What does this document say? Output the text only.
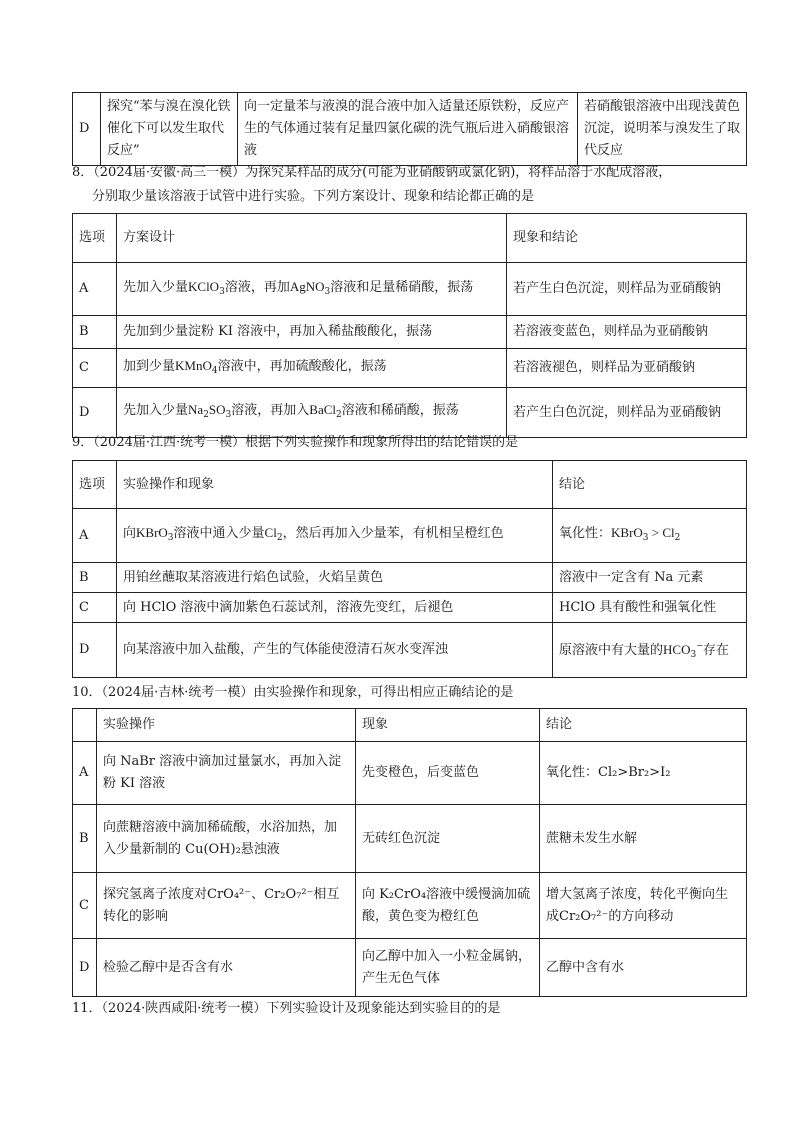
D	探究“苯与溴在溴化铁催化下可以发生取代反应”	向一定量苯与液溴的混合液中加入适量还原铁粉，反应产生的气体通过装有足量四氯化碳的洗气瓶后进入硝酸银溶液	若硝酸银溶液中出现浅黄色沉淀，说明苯与溴发生了取代反应
8．（2024届·安徽·高三一模）为探究某样品的成分(可能为亚硝酸钠或氯化钠)，将样品溶于水配成溶液，
分别取少量该溶液于试管中进行实验。下列方案设计、现象和结论都正确的是
选项	方案设计	现象和结论
A	先加入少量KClO$_3$溶液，再加AgNO$_3$溶液和足量稀硝酸，振荡	若产生白色沉淀，则样品为亚硝酸钠
B	先加到少量淀粉 KI 溶液中，再加入稀盐酸酸化，振荡	若溶液变蓝色，则样品为亚硝酸钠
C	加到少量KMnO$_4$溶液中，再加硫酸酸化，振荡	若溶液褪色，则样品为亚硝酸钠
D	先加入少量$Na_2SO_3$溶液，再加入BaCl$_2$溶液和稀硝酸，振荡	若产生白色沉淀，则样品为亚硝酸钠
9．（2024届·江西·统考一模）根据下列实验操作和现象所得出的结论错误的是
选项	实验操作和现象	结论
A	向KBrO$_3$溶液中通入少量$Cl_2$，然后再加入少量苯，有机相呈橙红色	氧化性：KBrO$_3$ > $Cl_2$
B	用铂丝蘸取某溶液进行焰色试验，火焰呈黄色	溶液中一定含有 Na 元素
C	向 HClO 溶液中滴加紫色石蕊试剂，溶液先变红，后褪色	HClO 具有酸性和强氧化性
D	向某溶液中加入盐酸，产生的气体能使澄清石灰水变浑浊	原溶液中有大量的$HCO_3^-$存在
10．（2024届·吉林·统考一模）由实验操作和现象，可得出相应正确结论的是
	实验操作	现象	结论
A	向 NaBr 溶液中滴加过量氯水，再加入淀粉 KI 溶液	先变橙色，后变蓝色	氧化性：Cl₂>Br₂>I₂
B	向蔗糖溶液中滴加稀硫酸，水浴加热，加入少量新制的 Cu(OH)₂悬浊液	无砖红色沉淀	蔗糖未发生水解
C	探究氢离子浓度对CrO₄²⁻、Cr₂O₇²⁻相互转化的影响	向 K₂CrO₄溶液中缓慢滴加硫酸，黄色变为橙红色	增大氢离子浓度，转化平衡向生成Cr₂O₇²⁻的方向移动
D	检验乙醇中是否含有水	向乙醇中加入一小粒金属钠，产生无色气体	乙醇中含有水
11．（2024·陕西咸阳·统考一模）下列实验设计及现象能达到实验目的的是
